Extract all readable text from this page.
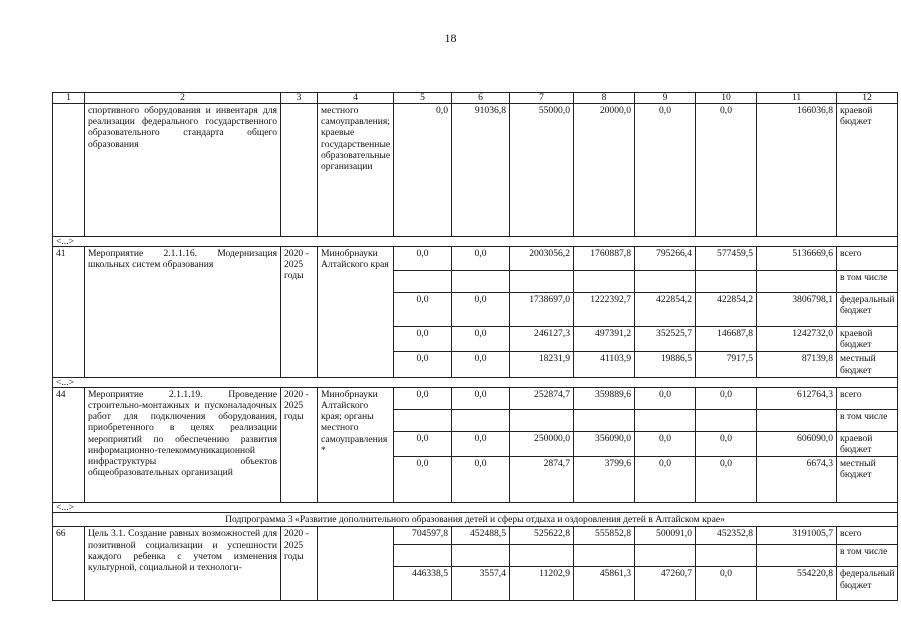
18
1	2	3	4	5	6	7	8	9	10	11	12
	спортивного оборудования и инвентаря для реализации федерального государственного образовательного стандарта общего образования		местного самоуправления; краевые государственные образовательные организации	0,0	91036,8	55000,0	20000,0	0,0	0,0	166036,8	краевой бюджет
<...>											
41	Мероприятие 2.1.1.16. Модернизация школьных систем образования	2020 - 2025 годы	Минобрнауки Алтайского края	0,0	0,0	2003056,2	1760887,8	795266,4	577459,5	5136669,6	всего
											в том числе
				0,0	0,0	1738697,0	1222392,7	422854,2	422854,2	3806798,1	федеральный бюджет
				0,0	0,0	246127,3	497391,2	352525,7	146687,8	1242732,0	краевой бюджет
				0,0	0,0	18231,9	41103,9	19886,5	7917,5	87139,8	местный бюджет
<...>											
44	Мероприятие 2.1.1.19. Проведение строительно-монтажных и пусконаладочных работ для подключения оборудования, приобретенного в целях реализации мероприятий по обеспечению развития информационно-телекоммуникационной инфраструктуры объектов общеобразовательных организаций	2020 - 2025 годы	Минобрнауки Алтайского края; органы местного самоуправления *	0,0	0,0	252874,7	359889,6	0,0	0,0	612764,3	всего
											в том числе
				0,0	0,0	250000,0	356090,0	0,0	0,0	606090,0	краевой бюджет
				0,0	0,0	2874,7	3799,6	0,0	0,0	6674,3	местный бюджет
<...>											
Подпрограмма 3 «Развитие дополнительного образования детей и сферы отдыха и оздоровления детей в Алтайском крае»											
66	Цель 3.1. Создание равных возможностей для позитивной социализации и успешности каждого ребенка с учетом изменения культурной, социальной и технологи-	2020 - 2025 годы		704597,8	452488,5	525622,8	555852,8	500091,0	452352,8	3191005,7	всего
											в том числе
				446338,5	3557,4	11202,9	45861,3	47260,7	0,0	554220,8	федеральный бюджет
